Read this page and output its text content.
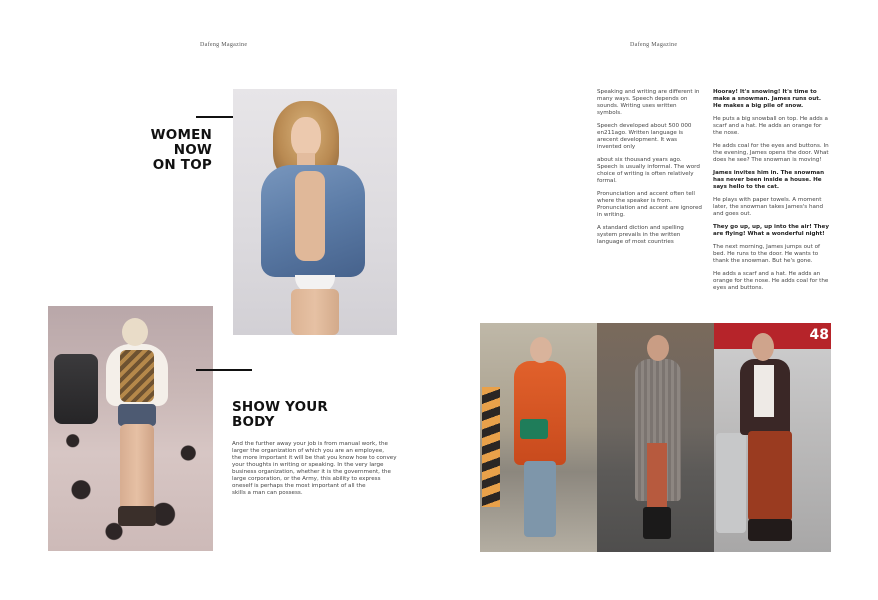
Dafeng Magazine	Dafeng Magazine
WOMEN NOW
ON TOP
SHOW YOUR
BODY
And the further away your job is from manual work, the
larger the organization of which you are an employee,
the more important it will be that you know how to convey
your thoughts in writing or speaking. In the very large
business organization, whether it is the government, the
large corporation, or the Army, this ability to express
oneself is perhaps the most important of all the
skills a man can possess.

Speaking and writing are different in many ways. Speech depends on sounds. Writing uses written symbols.

Speech developed about 500 000 en211ago. Written language is arecent development. It was invented only

about six thousand years ago. Speech is usually informal. The word choice of writing is often relatively formal.

Pronunciation and accent often tell where the speaker is from. Pronunciation and accent are ignored in writing.

A standard diction and spelling system prevails in the written language of most countries

Hooray! It's snowing! It's time to make a snowman. James runs out. He makes a big pile of snow.

He puts a big snowball on top. He adds a scarf and a hat. He adds an orange for the nose.

He adds coal for the eyes and buttons. In the evening, James opens the door. What does he see? The snowman is moving!

James invites him in. The snowman has never been inside a house. He says hello to the cat.

He plays with paper towels. A moment later, the snowman takes James's hand and goes out.

They go up, up, up into the air! They are flying! What a wonderful night!

The next morning, James jumps out of bed. He runs to the door. He wants to thank the snowman. But he's gone.

He adds a scarf and a hat. He adds an orange for the nose. He adds coal for the eyes and buttons.

48
